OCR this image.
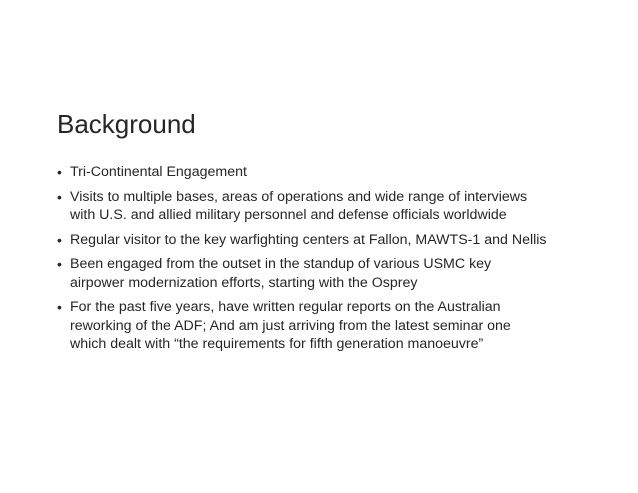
Background
• Tri-Continental Engagement
• Visits to multiple bases, areas of operations and wide range of interviews
with U.S. and allied military personnel and defense officials worldwide
• Regular visitor to the key warfighting centers at Fallon, MAWTS-1 and Nellis
• Been engaged from the outset in the standup of various USMC key
airpower modernization efforts, starting with the Osprey
• For the past five years, have written regular reports on the Australian
reworking of the ADF; And am just arriving from the latest seminar one
which dealt with “the requirements for fifth generation manoeuvre”
